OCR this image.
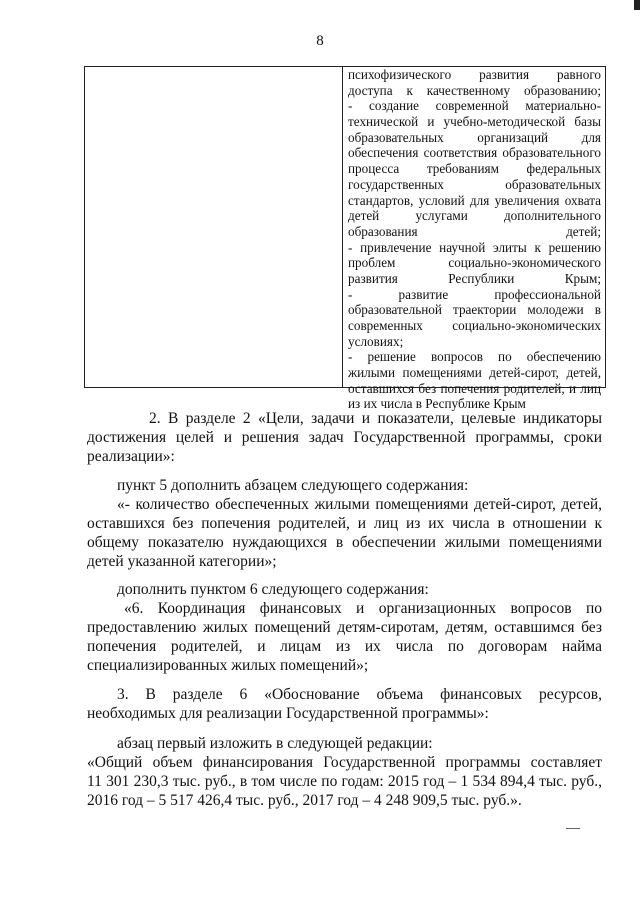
8
психофизического развития равного
доступа к качественному образованию;
- создание современной материально-
технической и учебно-методической базы
образовательных организаций для
обеспечения соответствия образовательного
процесса требованиям федеральных
государственных образовательных
стандартов, условий для увеличения охвата
детей услугами дополнительного
образования детей;
- привлечение научной элиты к решению
проблем социально-экономического
развития Республики Крым;
- развитие профессиональной
образовательной траектории молодежи в
современных социально-экономических
условиях;
- решение вопросов по обеспечению
жилыми помещениями детей-сирот, детей,
оставшихся без попечения родителей, и лиц
из их числа в Республике Крым
2. В разделе 2 «Цели, задачи и показатели, целевые индикаторы
достижения целей и решения задач Государственной программы, сроки
реализации»:
пункт 5 дополнить абзацем следующего содержания:
«- количество обеспеченных жилыми помещениями детей-сирот, детей,
оставшихся без попечения родителей, и лиц из их числа в отношении к
общему показателю нуждающихся в обеспечении жилыми помещениями
детей указанной категории»;
дополнить пунктом 6 следующего содержания:
«6. Координация финансовых и организационных вопросов по
предоставлению жилых помещений детям-сиротам, детям, оставшимся без
попечения родителей, и лицам из их числа по договорам найма
специализированных жилых помещений»;
3. В разделе 6 «Обоснование объема финансовых ресурсов,
необходимых для реализации Государственной программы»:
абзац первый изложить в следующей редакции:
«Общий объем финансирования Государственной программы составляет
11 301 230,3 тыс. руб., в том числе по годам: 2015 год – 1 534 894,4 тыс. руб.,
2016 год – 5 517 426,4 тыс. руб., 2017 год – 4 248 909,5 тыс. руб.».
